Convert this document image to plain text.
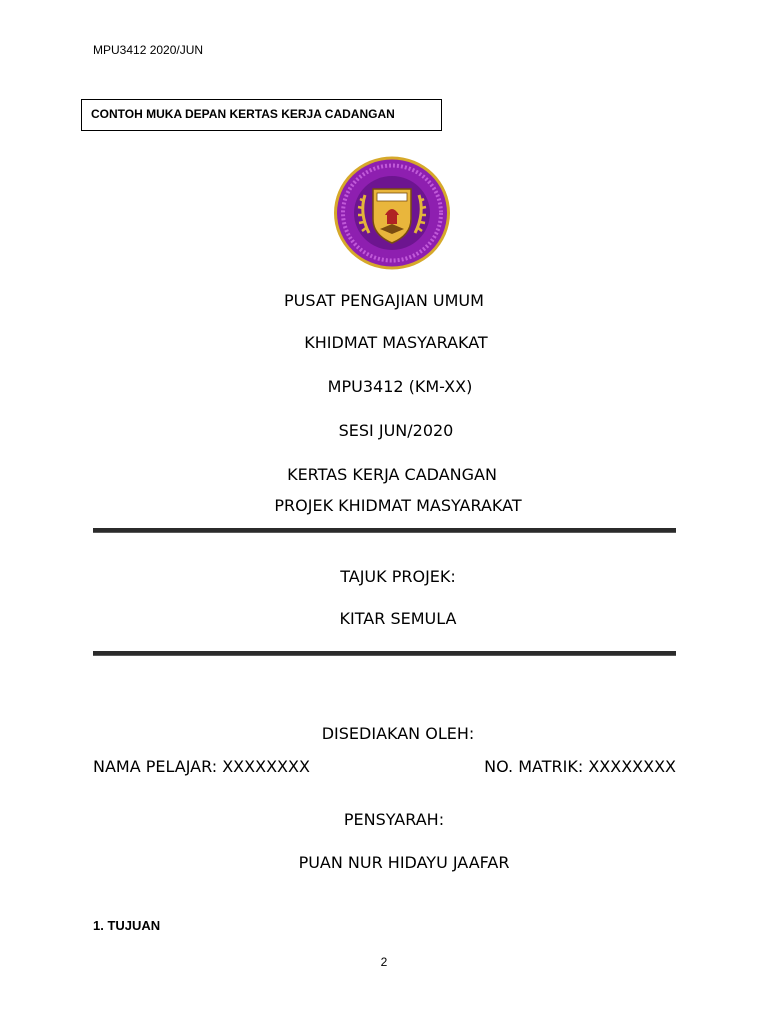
MPU3412 2020/JUN
CONTOH MUKA DEPAN KERTAS KERJA CADANGAN
PUSAT PENGAJIAN UMUM
KHIDMAT MASYARAKAT
MPU3412 (KM-XX)
SESI JUN/2020
KERTAS KERJA CADANGAN
PROJEK KHIDMAT MASYARAKAT
TAJUK PROJEK:
KITAR SEMULA
DISEDIAKAN OLEH:
NAMA PELAJAR: XXXXXXXX	NO. MATRIK: XXXXXXXX
PENSYARAH:
PUAN NUR HIDAYU JAAFAR
1. TUJUAN
2
